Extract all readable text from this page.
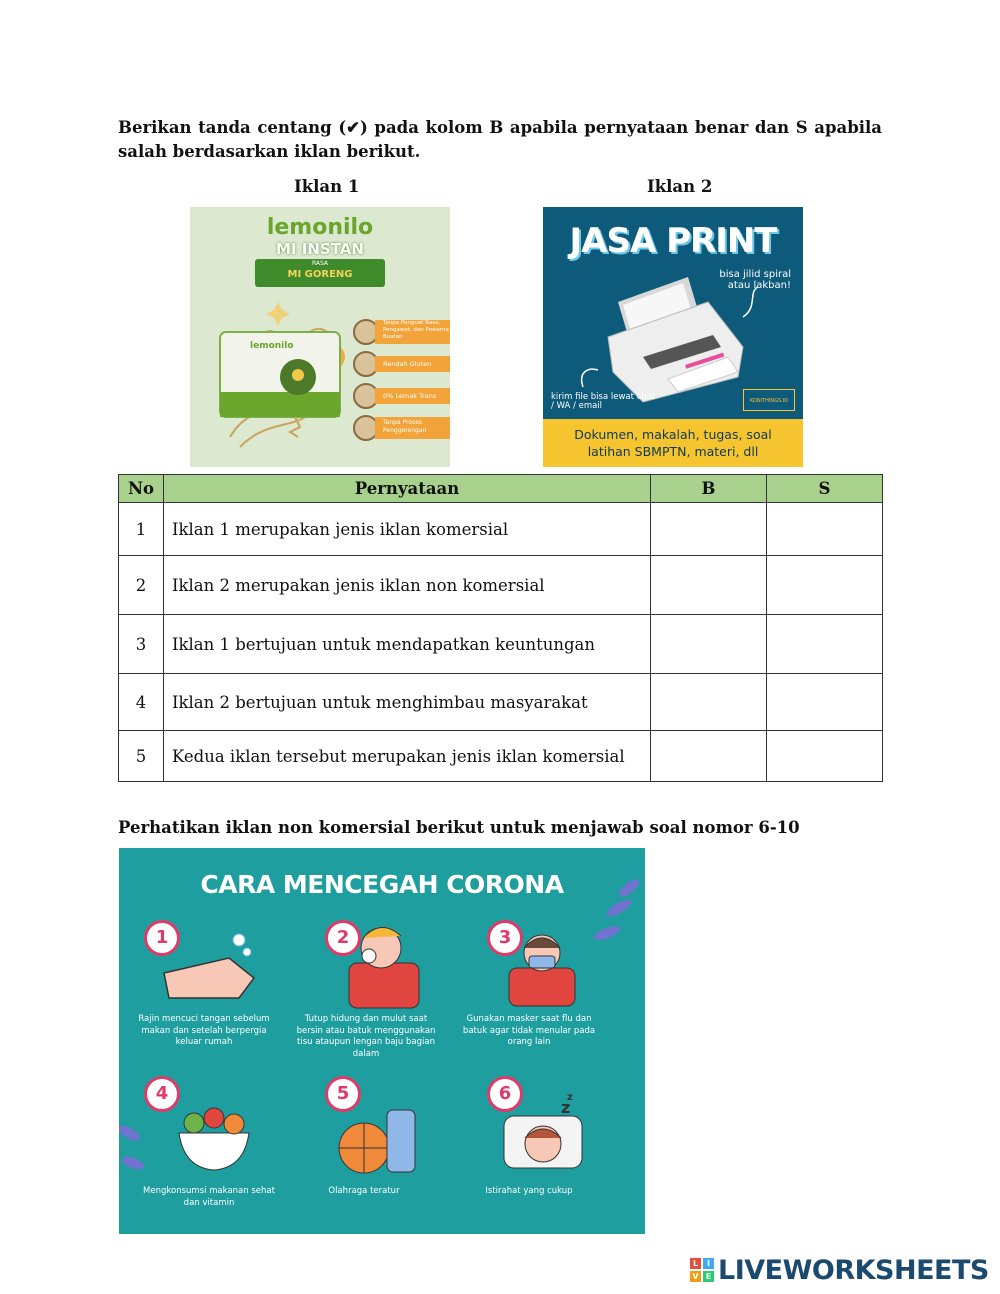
Berikan tanda centang (✔) pada kolom B apabila pernyataan benar dan S apabila salah berdasarkan iklan berikut.
Iklan 1	Iklan 2
lemonilo
MI INSTAN
RASA
MI GORENG
lemonilo
Tanpa Penguat Rasa, Pengawet, dan Pewarna Buatan
Rendah Gluten
0% Lemak Trans
Tanpa Proses Penggorengan
JASA PRINT
bisa jilid spiral atau lakban!
kirim file bisa lewat chat / WA / email	KONITHINGS.ID
Dokumen, makalah, tugas, soal
latihan SBMPTN, materi, dll
No	Pernyataan	B	S
1	Iklan 1 merupakan jenis iklan komersial		
2	Iklan 2 merupakan jenis iklan non komersial		
3	Iklan 1 bertujuan untuk mendapatkan keuntungan		
4	Iklan 2 bertujuan untuk menghimbau masyarakat		
5	Kedua iklan tersebut merupakan jenis iklan komersial		
Perhatikan iklan non komersial berikut untuk menjawab soal nomor 6-10
CARA MENCEGAH CORONA
z
z
1
Rajin mencuci tangan sebelum makan dan setelah berpergia keluar rumah
2
Tutup hidung dan mulut saat bersin atau batuk menggunakan tisu ataupun lengan baju bagian dalam
3
Gunakan masker saat flu dan batuk agar tidak menular pada orang lain
4
Mengkonsumsi makanan sehat dan vitamin
5
Olahraga teratur
6
Istirahat yang cukup
L	I
V E LIVEWORKSHEETS
